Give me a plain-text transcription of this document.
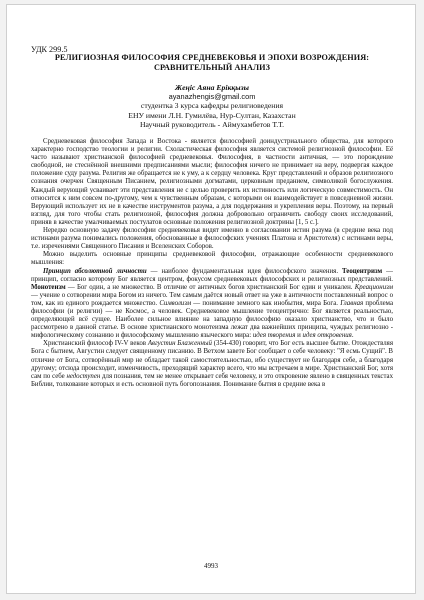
УДК 299.5
РЕЛИГИОЗНАЯ ФИЛОСОФИЯ СРЕДНЕВЕКОВЬЯ И ЭПОХИ ВОЗРОЖДЕНИЯ:
СРАВНИТЕЛЬНЫЙ АНАЛИЗ
Жеңіс Аяна Ерікқызы
ayanazhengis@gmail.com
студентка 3 курса кафедры религиоведения
ЕНУ имени Л.Н. Гумилёва, Нур-Султан, Казахстан
Научный руководитель - Аймухамбетов Т.Т.

Средневековая философия Запада и Востока - является философией доиндустриального общества, для которого характерно господство теологии и религии. Схоластическая философия является системой религиозной философии. Её часто называют христианской философией средневековья. Философия, в частности античная, — это порождение свободной, не стеснённой внешними предписаниями мысли; философия ничего не принимает на веру, подвергая каждое положение суду разума. Религия же обращается не к уму, а к сердцу человека. Круг представлений и образов религиозного сознания очерчен Священным Писанием, религиозными догматами, церковным преданием, символикой богослужения. Каждый верующий усваивает эти представления не с целью проверить их истинность или логическую совместимость. Он относится к ним совсем по-другому, чем к чувственным образам, с которыми он взаимодействует в повседневной жизни. Верующий использует их не в качестве инструментов разума, а для поддержания и укрепления веры. Поэтому, на первый взгляд, для того чтобы стать религиозной, философия должна добровольно ограничить свободу своих исследований, приняв в качестве умалчиваемых постулатов основные положения религиозной доктрины [1, 5 с.].

Нередко основную задачу философии средневековья видят именно в согласовании истин разума (в средние века под истинами разума понимались положения, обоснованные в философских учениях Платона и Аристотеля) с истинами веры, т.е. изречениями Священного Писания и Вселенских Соборов.

Можно выделить основные принципы средневековой философии, отражающие особенности средневекового мышления:

Принцип абсолютной личности — наиболее фундаментальная идея философского значения. Теоцентризм — принцип, согласно которому Бог является центром, фокусом средневековых философских и религиозных представлений. Монотеизм — Бог один, а не множество. В отличие от античных богов христианский Бог един и уникален. Креационизм — учение о сотворении мира Богом из ничего. Тем самым даётся новый ответ на уже в античности поставленный вопрос о том, как из единого рождается множество. Символизм — понимание земного как инобытия, мира Бога. Главная проблема философии (и религии) — не Космос, а человек. Средневековое мышление теоцентрично: Бог является реальностью, определяющей всё сущее. Наиболее сильное влияние на западную философию оказало христианство, что и было рассмотрено в данной статье. В основе христианского монотеизма лежат два важнейших принципа, чуждых религиозно - мифологическому сознанию и философскому мышлению языческого мира: идея творения и идея откровения.

Христианский философ IV-V веков Августин Блаженный (354-430) говорит, что Бог есть высшее бытие. Отождествляя Бога с бытием, Августин следует священному писанию. В Ветхом завете Бог сообщает о себе человеку: "Я есмь Сущий". В отличие от Бога, сотворённый мир не обладает такой самостоятельностью, ибо существует не благодаря себе, а благодаря другому; отсюда происходит, изменчивость, преходящий характер всего, что мы встречаем в мире. Христианский Бог, хотя сам по себе недоступен для познания, тем не менее открывает себя человеку, и это откровение явлено в священных текстах Библии, толкование которых и есть основной путь богопознания. Понимание бытия в средние века в

4993
